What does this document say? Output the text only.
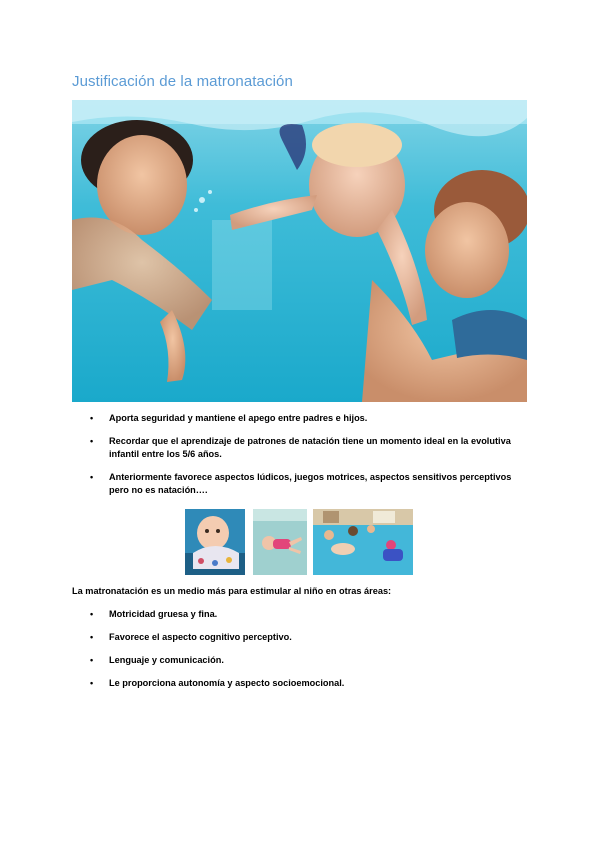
Justificación de la matronatación
• Aporta seguridad y mantiene el apego entre padres e hijos.
• Recordar que el aprendizaje de patrones de natación tiene un momento ideal en la evolutiva infantil entre los 5/6 años.
• Anteriormente favorece aspectos lúdicos, juegos motrices, aspectos sensitivos perceptivos pero no es natación….

La matronatación es un medio más para estimular al niño en otras áreas:

• Motricidad gruesa y fina.
• Favorece el aspecto cognitivo perceptivo.
• Lenguaje y comunicación.
• Le proporciona autonomía y aspecto socioemocional.
